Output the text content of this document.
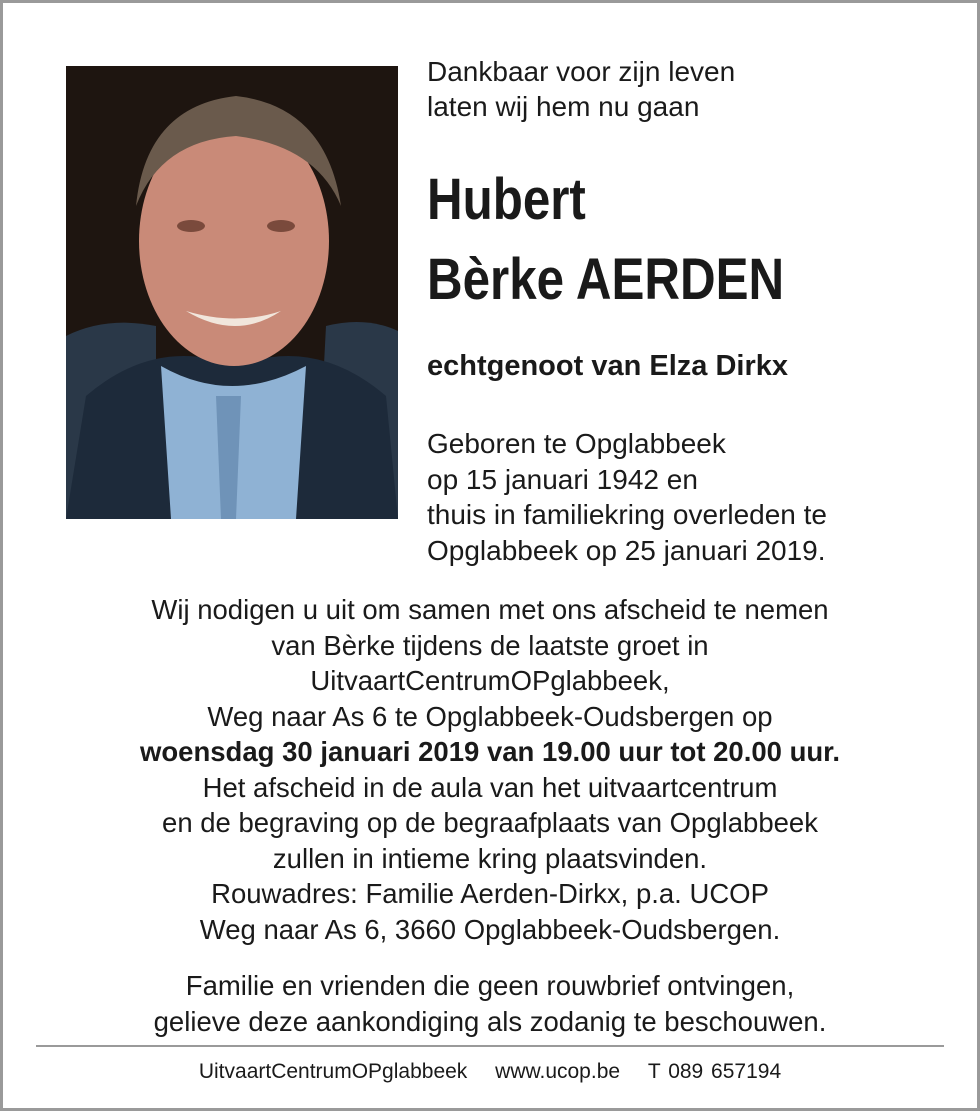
Dankbaar voor zijn leven
laten wij hem nu gaan
Hubert
Bèrke AERDEN
echtgenoot van Elza Dirkx
Geboren te Opglabbeek
op 15 januari 1942 en
thuis in familiekring overleden te
Opglabbeek op 25 januari 2019.
Wij nodigen u uit om samen met ons afscheid te nemen
van Bèrke tijdens de laatste groet in
UitvaartCentrumOPglabbeek,
Weg naar As 6 te Opglabbeek-Oudsbergen op
woensdag 30 januari 2019 van 19.00 uur tot 20.00 uur.
Het afscheid in de aula van het uitvaartcentrum
en de begraving op de begraafplaats van Opglabbeek
zullen in intieme kring plaatsvinden.
Rouwadres: Familie Aerden-Dirkx, p.a. UCOP
Weg naar As 6, 3660 Opglabbeek-Oudsbergen.
Familie en vrienden die geen rouwbrief ontvingen,
gelieve deze aankondiging als zodanig te beschouwen.
UitvaartCentrumOPglabbeek www.ucop.be T 089 657194
